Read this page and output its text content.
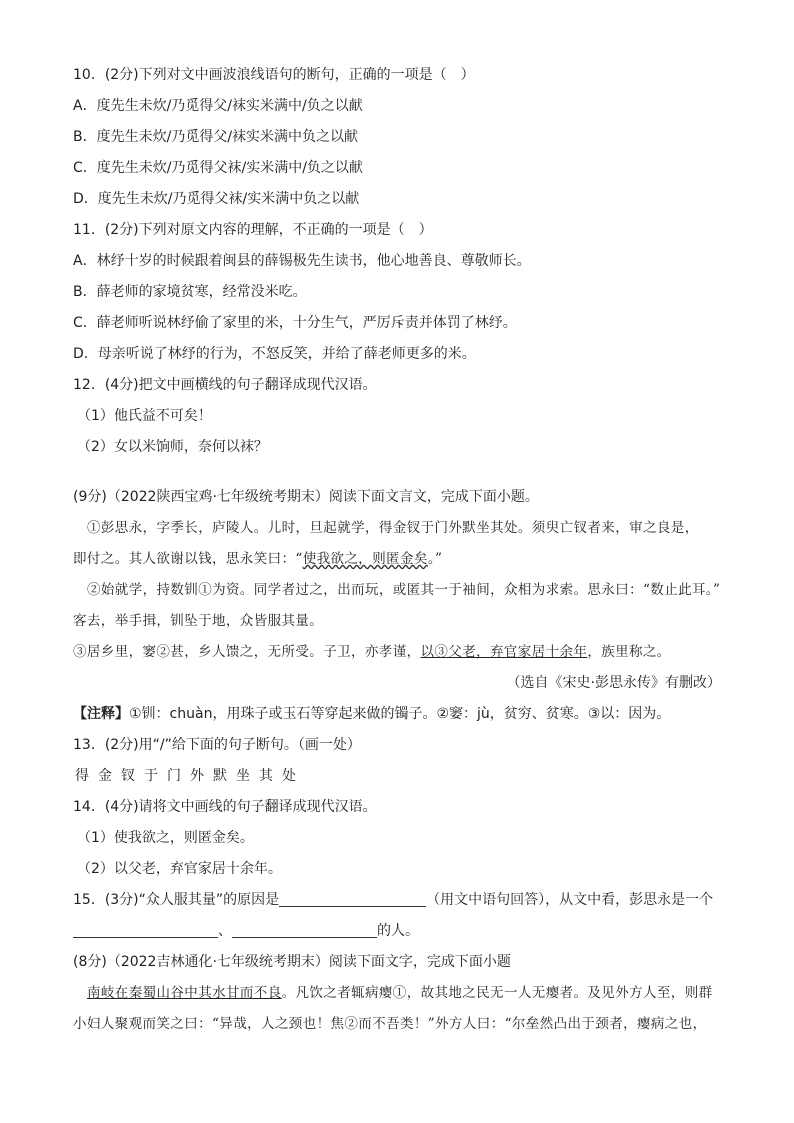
10．(2分)下列对文中画波浪线语句的断句，正确的一项是（　）
A．度先生未炊/乃觅得父/袜实米满中/负之以献
B．度先生未炊/乃觅得父/袜实米满中负之以献
C．度先生未炊/乃觅得父袜/实米满中/负之以献
D．度先生未炊/乃觅得父袜/实米满中负之以献
11．(2分)下列对原文内容的理解，不正确的一项是（　）
A．林纾十岁的时候跟着闽县的薛锡极先生读书，他心地善良、尊敬师长。
B．薛老师的家境贫寒，经常没米吃。
C．薛老师听说林纾偷了家里的米，十分生气，严厉斥责并体罚了林纾。
D．母亲听说了林纾的行为，不怒反笑，并给了薛老师更多的米。
12．(4分)把文中画横线的句子翻译成现代汉语。
（1）他氏益不可矣！
（2）女以米饷师，奈何以袜？
(9分)（2022陕西宝鸡·七年级统考期末）阅读下面文言文，完成下面小题。
①彭思永，字季长，庐陵人。儿时，旦起就学，得金钗于门外默坐其处。须臾亡钗者来，审之良是，
即付之。其人欲谢以钱，思永笑曰：“使我欲之，则匿金矣。”
②始就学，持数钏①为资。同学者过之，出而玩，或匿其一于袖间，众相为求索。思永曰：“数止此耳。”
客去，举手揖，钏坠于地，众皆服其量。
③居乡里，窭②甚，乡人馈之，无所受。子卫，亦孝谨，以③父老，弃官家居十余年，族里称之。
（选自《宋史·彭思永传》有删改）
【注释】①钏：chuàn，用珠子或玉石等穿起来做的镯子。②窭：jù，贫穷、贫寒。③以：因为。
13．(2分)用“/”给下面的句子断句。（画一处）
得金钗于门外默坐其处
14．(4分)请将文中画线的句子翻译成现代汉语。
（1）使我欲之，则匿金矣。
（2）以父老，弃官家居十余年。
15．(3分)“众人服其量”的原因是	（用文中语句回答），从文中看，彭思永是一个
、	的人。
(8分)（2022吉林通化·七年级统考期末）阅读下面文字，完成下面小题
南岐在秦蜀山谷中其水甘而不良。凡饮之者辄病瘿①，故其地之民无一人无瘿者。及见外方人至，则群
小妇人聚观而笑之曰：“异哉，人之颈也！焦②而不吾类！”外方人曰：“尔垒然凸出于颈者，瘿病之也，
